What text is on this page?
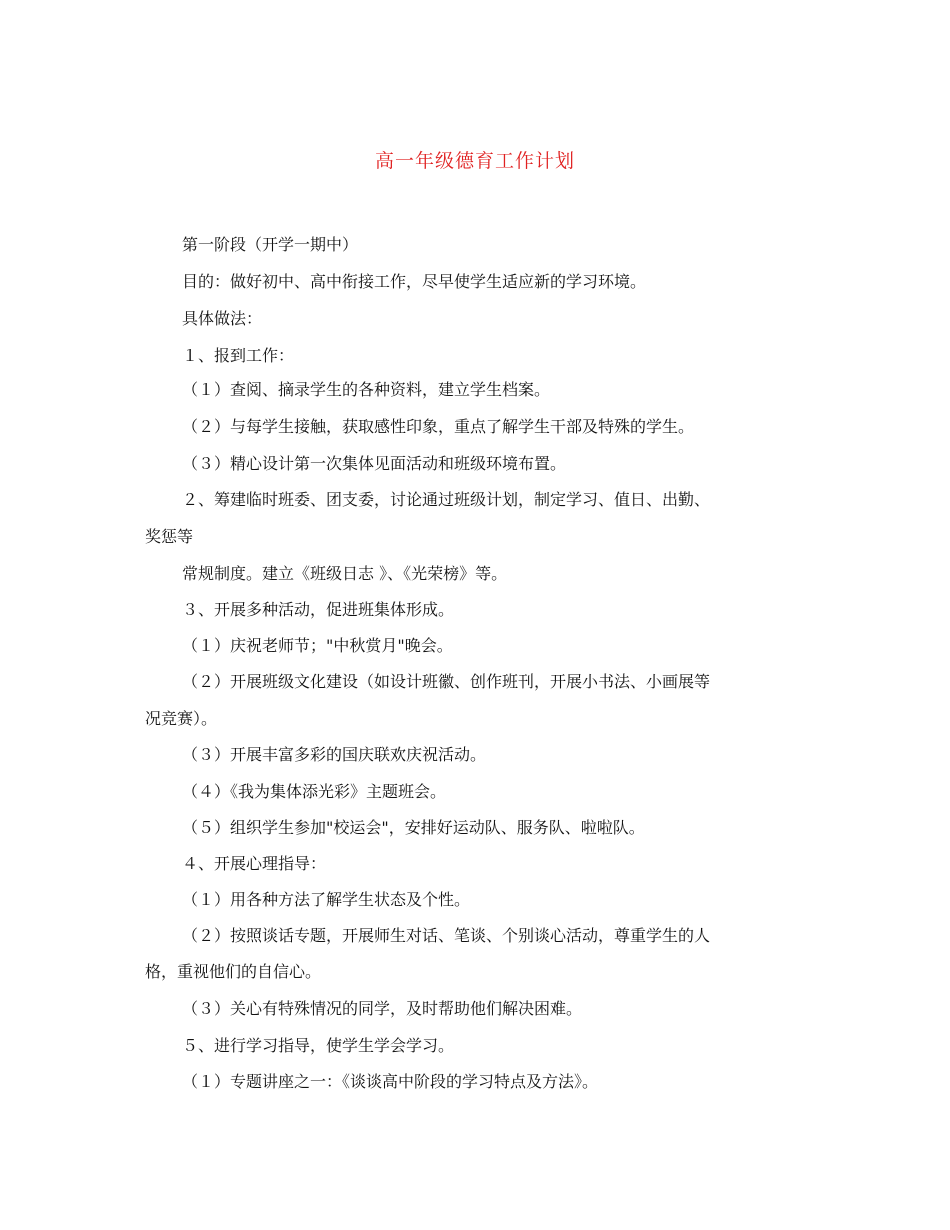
高一年级德育工作计划
第一阶段（开学一期中）
目的：做好初中、高中衔接工作，尽早使学生适应新的学习环境。
具体做法：
１、报到工作：
（１）查阅、摘录学生的各种资料，建立学生档案。
（２）与每学生接触，获取感性印象，重点了解学生干部及特殊的学生。
（３）精心设计第一次集体见面活动和班级环境布置。
２、筹建临时班委、团支委，讨论通过班级计划，制定学习、值日、出勤、
奖惩等
常规制度。建立《班级日志 》、《光荣榜》等。
３、开展多种活动，促进班集体形成。
（１）庆祝老师节；"中秋赏月"晚会。
（２）开展班级文化建设（如设计班徽、创作班刊，开展小书法、小画展等
况竞赛）。
（３）开展丰富多彩的国庆联欢庆祝活动。
（４）《我为集体添光彩》主题班会。
（５）组织学生参加"校运会"，安排好运动队、服务队、啦啦队。
４、开展心理指导：
（１）用各种方法了解学生状态及个性。
（２）按照谈话专题，开展师生对话、笔谈、个别谈心活动，尊重学生的人
格，重视他们的自信心。
（３）关心有特殊情况的同学，及时帮助他们解决困难。
５、进行学习指导，使学生学会学习。
（１）专题讲座之一：《谈谈高中阶段的学习特点及方法》。
